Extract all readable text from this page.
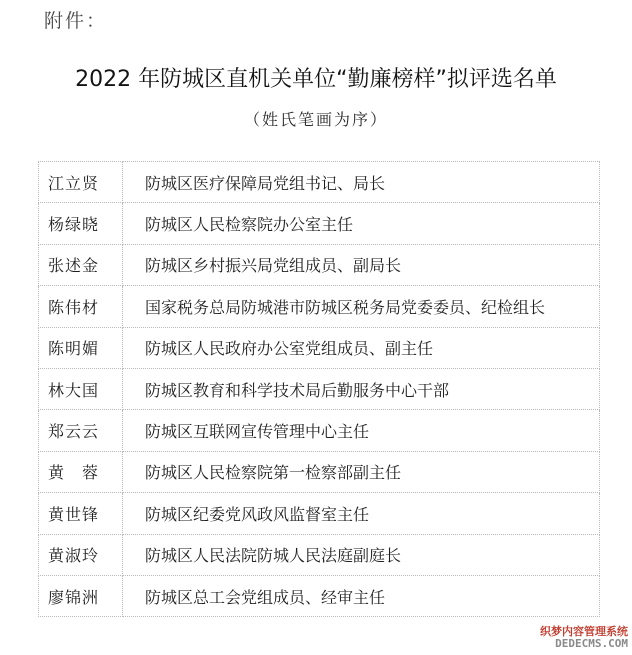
附件：
2022 年防城区直机关单位“勤廉榜样”拟评选名单
（姓氏笔画为序）
江立贤	防城区医疗保障局党组书记、局长
杨绿晓	防城区人民检察院办公室主任
张述金	防城区乡村振兴局党组成员、副局长
陈伟材	国家税务总局防城港市防城区税务局党委委员、纪检组长
陈明媚	防城区人民政府办公室党组成员、副主任
林大国	防城区教育和科学技术局后勤服务中心干部
郑云云	防城区互联网宣传管理中心主任
黄　蓉	防城区人民检察院第一检察部副主任
黄世锋	防城区纪委党风政风监督室主任
黄淑玲	防城区人民法院防城人民法庭副庭长
廖锦洲	防城区总工会党组成员、经审主任
织梦内容管理系统
DEDECMS.COM
